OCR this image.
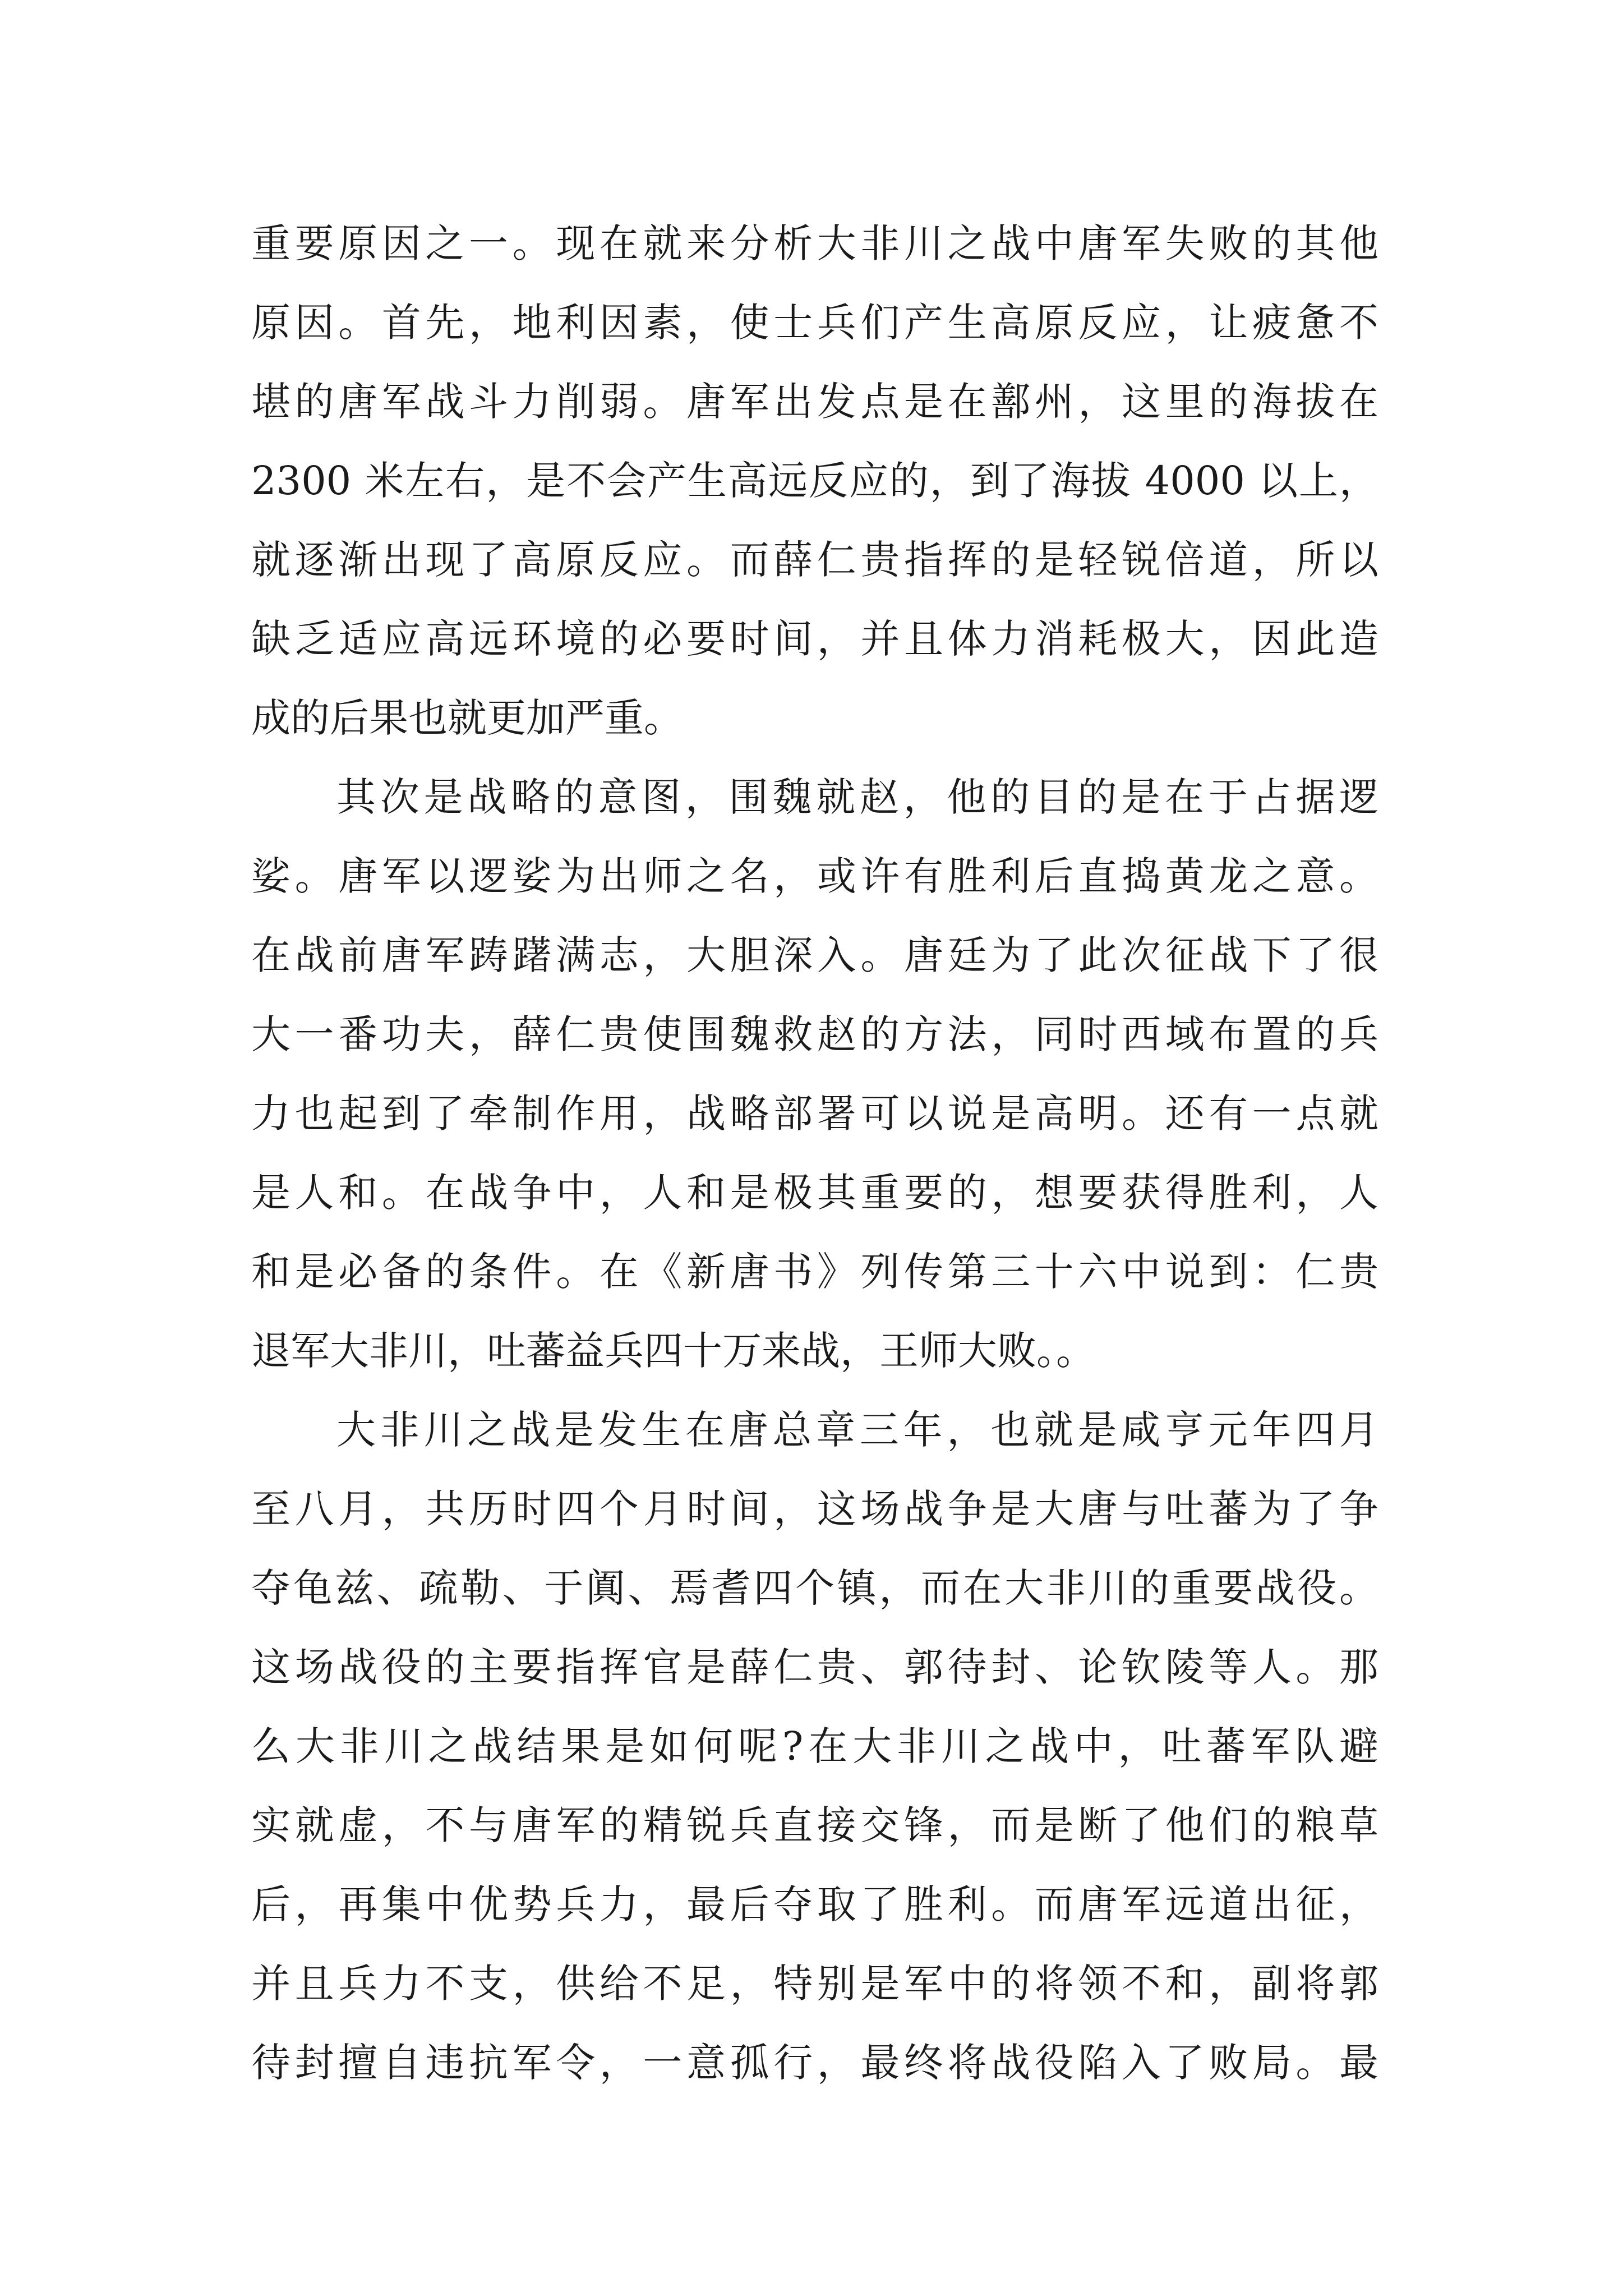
重要原因之一。现在就来分析大非川之战中唐军失败的其他
原因。首先，地利因素，使士兵们产生高原反应，让疲惫不
堪的唐军战斗力削弱。唐军出发点是在鄯州，这里的海拔在
2300 米左右，是不会产生高远反应的，到了海拔 4000 以上，
就逐渐出现了高原反应。而薛仁贵指挥的是轻锐倍道，所以
缺乏适应高远环境的必要时间，并且体力消耗极大，因此造
成的后果也就更加严重。
其次是战略的意图，围魏就赵，他的目的是在于占据逻
娑。唐军以逻娑为出师之名，或许有胜利后直捣黄龙之意。
在战前唐军踌躇满志，大胆深入。唐廷为了此次征战下了很
大一番功夫，薛仁贵使围魏救赵的方法，同时西域布置的兵
力也起到了牵制作用，战略部署可以说是高明。还有一点就
是人和。在战争中，人和是极其重要的，想要获得胜利，人
和是必备的条件。在《新唐书》列传第三十六中说到：仁贵
退军大非川，吐蕃益兵四十万来战，王师大败。。
大非川之战是发生在唐总章三年，也就是咸亨元年四月
至八月，共历时四个月时间，这场战争是大唐与吐蕃为了争
夺龟兹、疏勒、于阗、焉耆四个镇，而在大非川的重要战役。
这场战役的主要指挥官是薛仁贵、郭待封、论钦陵等人。那
么大非川之战结果是如何呢?在大非川之战中，吐蕃军队避
实就虚，不与唐军的精锐兵直接交锋，而是断了他们的粮草
后，再集中优势兵力，最后夺取了胜利。而唐军远道出征，
并且兵力不支，供给不足，特别是军中的将领不和，副将郭
待封擅自违抗军令，一意孤行，最终将战役陷入了败局。最
